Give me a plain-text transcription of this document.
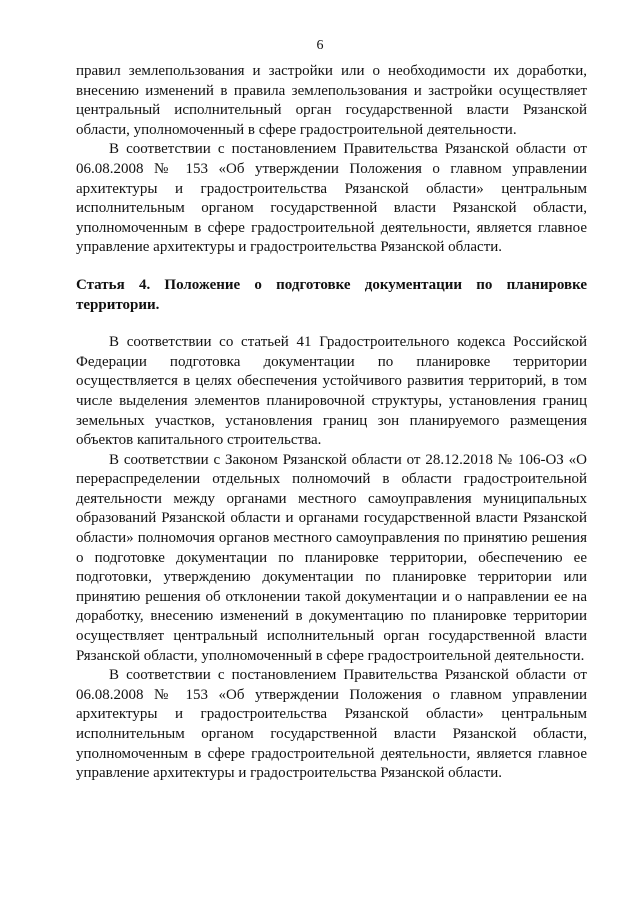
6

правил землепользования и застройки или о необходимости их доработки, внесению изменений в правила землепользования и застройки осуществляет центральный исполнительный орган государственной власти Рязанской области, уполномоченный в сфере градостроительной деятельности.

В соответствии с постановлением Правительства Рязанской области от 06.08.2008 № 153 «Об утверждении Положения о главном управлении архитектуры и градостроительства Рязанской области» центральным исполнительным органом государственной власти Рязанской области, уполномоченным в сфере градостроительной деятельности, является главное управление архитектуры и градостроительства Рязанской области.

Статья 4. Положение о подготовке документации по планировке территории.

В соответствии со статьей 41 Градостроительного кодекса Российской Федерации подготовка документации по планировке территории осуществляется в целях обеспечения устойчивого развития территорий, в том числе выделения элементов планировочной структуры, установления границ земельных участков, установления границ зон планируемого размещения объектов капитального строительства.

В соответствии с Законом Рязанской области от 28.12.2018 № 106-ОЗ «О перераспределении отдельных полномочий в области градостроительной деятельности между органами местного самоуправления муниципальных образований Рязанской области и органами государственной власти Рязанской области» полномочия органов местного самоуправления по принятию решения о подготовке документации по планировке территории, обеспечению ее подготовки, утверждению документации по планировке территории или принятию решения об отклонении такой документации и о направлении ее на доработку, внесению изменений в документацию по планировке территории осуществляет центральный исполнительный орган государственной власти Рязанской области, уполномоченный в сфере градостроительной деятельности.

В соответствии с постановлением Правительства Рязанской области от 06.08.2008 № 153 «Об утверждении Положения о главном управлении архитектуры и градостроительства Рязанской области» центральным исполнительным органом государственной власти Рязанской области, уполномоченным в сфере градостроительной деятельности, является главное управление архитектуры и градостроительства Рязанской области.
